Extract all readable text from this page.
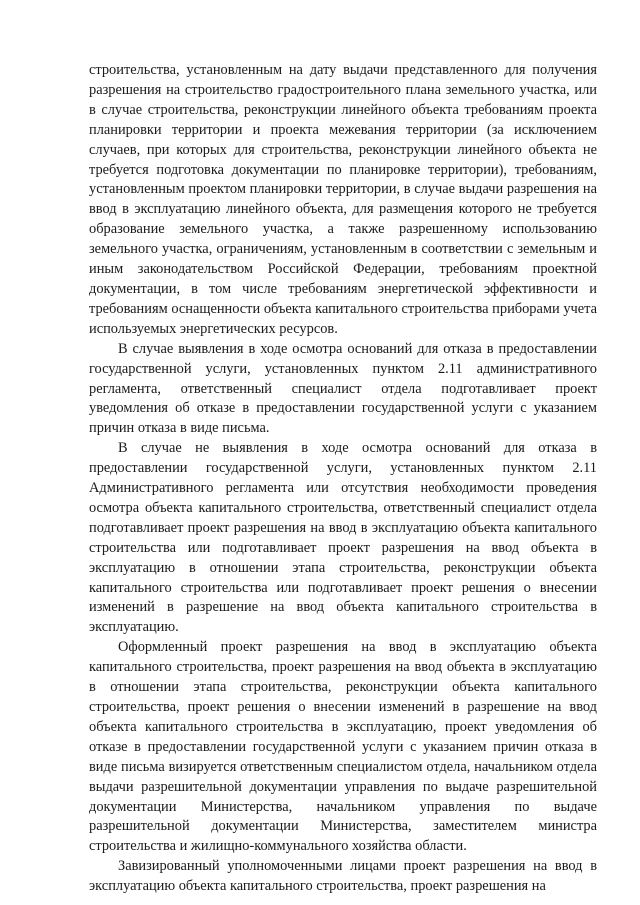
строительства, установленным на дату выдачи представленного для получения разрешения на строительство градостроительного плана земельного участка, или в случае строительства, реконструкции линейного объекта требованиям проекта планировки территории и проекта межевания территории (за исключением случаев, при которых для строительства, реконструкции линейного объекта не требуется подготовка документации по планировке территории), требованиям, установленным проектом планировки территории, в случае выдачи разрешения на ввод в эксплуатацию линейного объекта, для размещения которого не требуется образование земельного участка, а также разрешенному использованию земельного участка, ограничениям, установленным в соответствии с земельным и иным законодательством Российской Федерации, требованиям проектной документации, в том числе требованиям энергетической эффективности и требованиям оснащенности объекта капитального строительства приборами учета используемых энергетических ресурсов.

В случае выявления в ходе осмотра оснований для отказа в предоставлении государственной услуги, установленных пунктом 2.11 административного регламента, ответственный специалист отдела подготавливает проект уведомления об отказе в предоставлении государственной услуги с указанием причин отказа в виде письма.

В случае не выявления в ходе осмотра оснований для отказа в предоставлении государственной услуги, установленных пунктом 2.11 Административного регламента или отсутствия необходимости проведения осмотра объекта капитального строительства, ответственный специалист отдела подготавливает проект разрешения на ввод в эксплуатацию объекта капитального строительства или подготавливает проект разрешения на ввод объекта в эксплуатацию в отношении этапа строительства, реконструкции объекта капитального строительства или подготавливает проект решения о внесении изменений в разрешение на ввод объекта капитального строительства в эксплуатацию.

Оформленный проект разрешения на ввод в эксплуатацию объекта капитального строительства, проект разрешения на ввод объекта в эксплуатацию в отношении этапа строительства, реконструкции объекта капитального строительства, проект решения о внесении изменений в разрешение на ввод объекта капитального строительства в эксплуатацию, проект уведомления об отказе в предоставлении государственной услуги с указанием причин отказа в виде письма визируется ответственным специалистом отдела, начальником отдела выдачи разрешительной документации управления по выдаче разрешительной документации Министерства, начальником управления по выдаче разрешительной документации Министерства, заместителем министра строительства и жилищно-коммунального хозяйства области.

Завизированный уполномоченными лицами проект разрешения на ввод в эксплуатацию объекта капитального строительства, проект разрешения на
